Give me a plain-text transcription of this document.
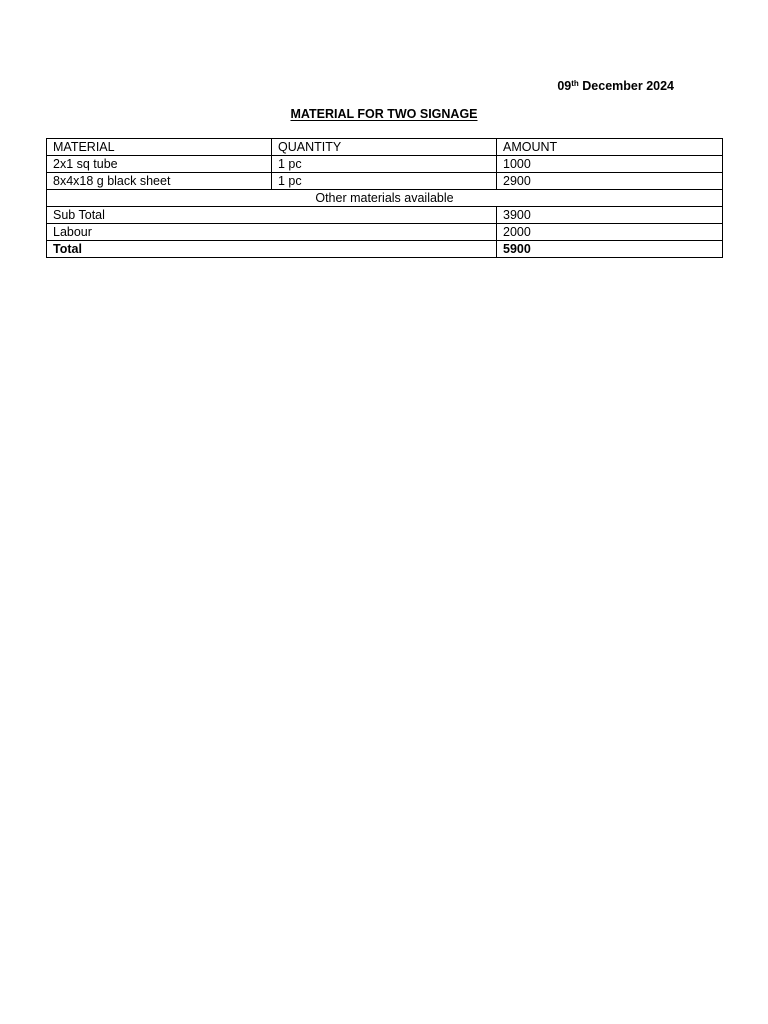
09th December 2024
MATERIAL FOR TWO SIGNAGE
MATERIAL	QUANTITY	AMOUNT
2x1 sq tube	1 pc	1000
8x4x18 g black sheet	1 pc	2900
Other materials available		
Sub Total		3900
Labour		2000
Total		5900
